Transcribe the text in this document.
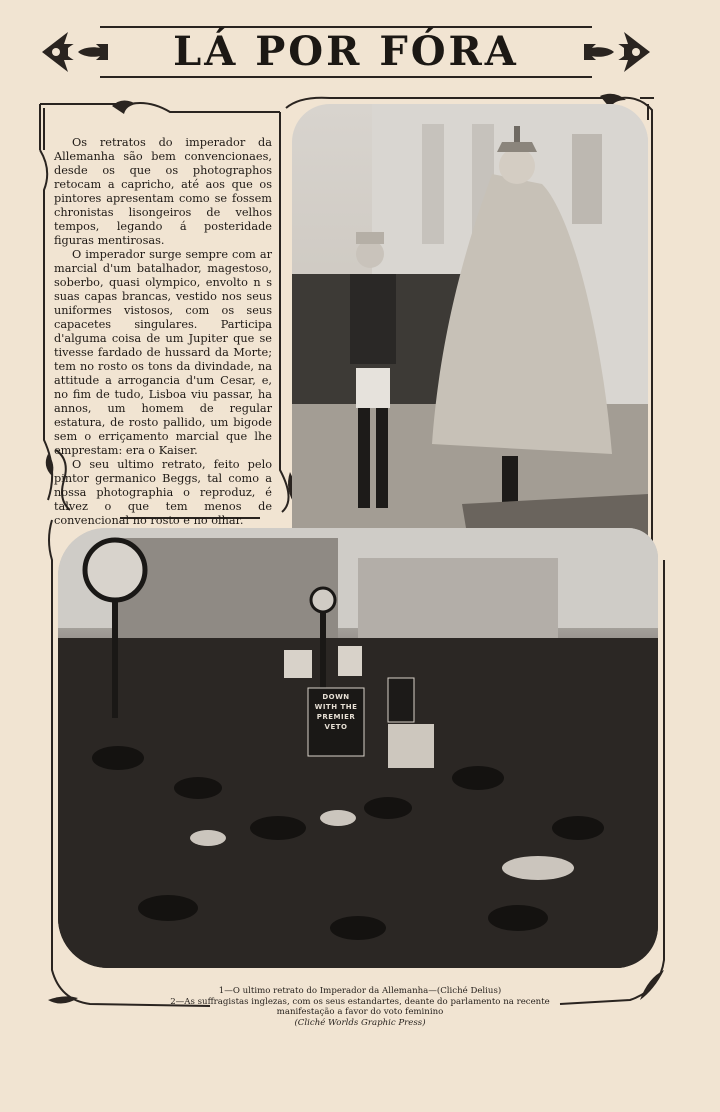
LÁ POR FÓRA

Os retratos do imperador da Allemanha são bem convencionaes, desde os que os photographos retocam a capricho, até aos que os pintores apresentam como se fossem chronistas lisongeiros de velhos tempos, legando á posteridade figuras mentirosas.

O imperador surge sempre com ar marcial d'um batalhador, magestoso, soberbo, quasi olympico, envolto n s suas capas brancas, vestido nos seus uniformes vistosos, com os seus capacetes singulares. Participa d'alguma coisa de um Jupiter que se tivesse fardado de hussard da Morte; tem no rosto os tons da divindade, na attitude a arrogancia d'um Cesar, e, no fim de tudo, Lisboa viu passar, ha annos, um homem de regular estatura, de rosto pallido, um bigode sem o erriçamento marcial que lhe emprestam: era o Kaiser.

O seu ultimo retrato, feito pelo pintor germanico Beggs, tal como a nossa photographia o reproduz, é talvez o que tem menos de convencional no rosto e no olhar.

DOWN WITH THE PREMIER VETO
1—O ultimo retrato do Imperador da Allemanha—(Cliché Delius)
2—As suffragistas inglezas, com os seus estandartes, deante do parlamento na recente
manifestação a favor do voto feminino
(Cliché Worlds Graphic Press)
